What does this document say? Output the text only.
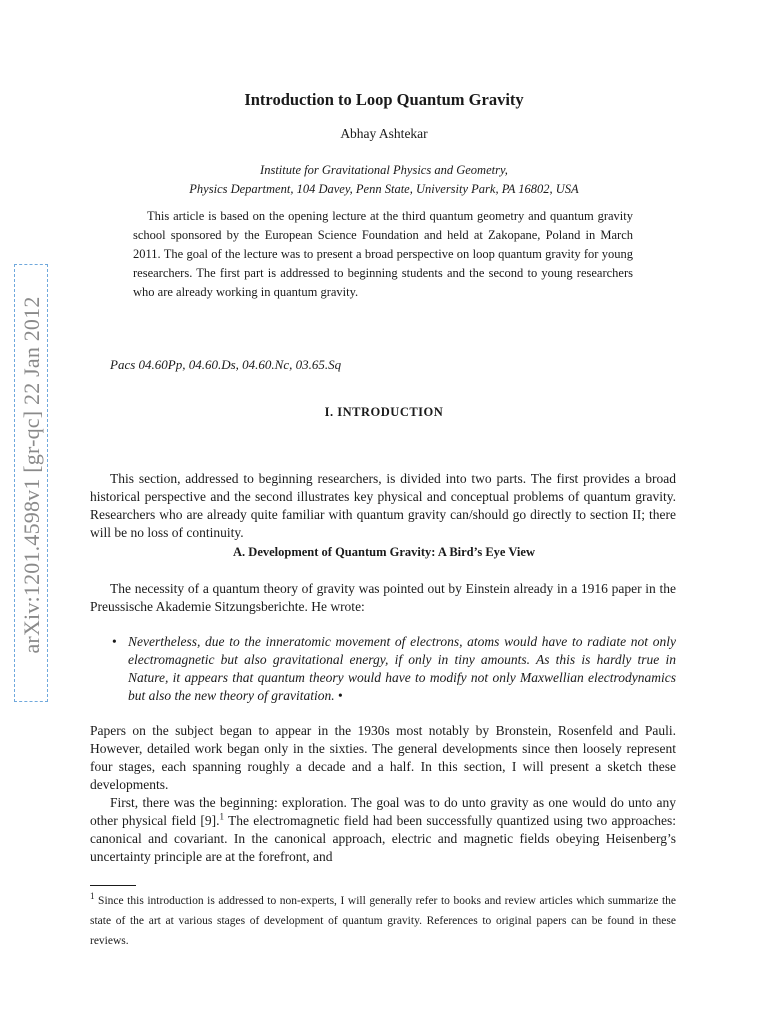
arXiv:1201.4598v1 [gr-qc] 22 Jan 2012
Introduction to Loop Quantum Gravity
Abhay Ashtekar
Institute for Gravitational Physics and Geometry,
Physics Department, 104 Davey, Penn State, University Park, PA 16802, USA

This article is based on the opening lecture at the third quantum geometry and quantum gravity school sponsored by the European Science Foundation and held at Zakopane, Poland in March 2011. The goal of the lecture was to present a broad perspective on loop quantum gravity for young researchers. The first part is addressed to beginning students and the second to young researchers who are already working in quantum gravity.

Pacs 04.60Pp, 04.60.Ds, 04.60.Nc, 03.65.Sq
I. INTRODUCTION

This section, addressed to beginning researchers, is divided into two parts. The first provides a broad historical perspective and the second illustrates key physical and conceptual problems of quantum gravity. Researchers who are already quite familiar with quantum gravity can/should go directly to section II; there will be no loss of continuity.

A. Development of Quantum Gravity: A Bird’s Eye View

The necessity of a quantum theory of gravity was pointed out by Einstein already in a 1916 paper in the Preussische Akademie Sitzungsberichte. He wrote:

• Nevertheless, due to the inneratomic movement of electrons, atoms would have to radiate not only electromagnetic but also gravitational energy, if only in tiny amounts. As this is hardly true in Nature, it appears that quantum theory would have to modify not only Maxwellian electrodynamics but also the new theory of gravitation. •

Papers on the subject began to appear in the 1930s most notably by Bronstein, Rosenfeld and Pauli. However, detailed work began only in the sixties. The general developments since then loosely represent four stages, each spanning roughly a decade and a half. In this section, I will present a sketch these developments.

First, there was the beginning: exploration. The goal was to do unto gravity as one would do unto any other physical field [9].$^1$ The electromagnetic field had been successfully quantized using two approaches: canonical and covariant. In the canonical approach, electric and magnetic fields obeying Heisenberg’s uncertainty principle are at the forefront, and

$^1$ Since this introduction is addressed to non-experts, I will generally refer to books and review articles which summarize the state of the art at various stages of development of quantum gravity. References to original papers can be found in these reviews.
